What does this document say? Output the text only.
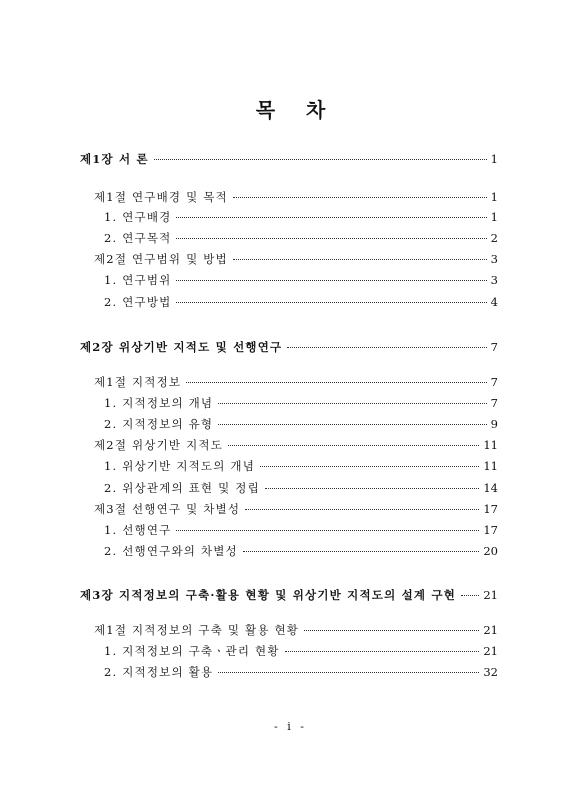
목 차
제1장 서 론	1
제1절 연구배경 및 목적	1
1. 연구배경	1
2. 연구목적	2
제2절 연구범위 및 방법	3
1. 연구범위	3
2. 연구방법	4
제2장 위상기반 지적도 및 선행연구	7
제1절 지적정보	7
1. 지적정보의 개념	7
2. 지적정보의 유형	9
제2절 위상기반 지적도	11
1. 위상기반 지적도의 개념	11
2. 위상관계의 표현 및 정립	14
제3절 선행연구 및 차별성	17
1. 선행연구	17
2. 선행연구와의 차별성	20
제3장 지적정보의 구축·활용 현황 및 위상기반 지적도의 설계 구현 21
제1절 지적정보의 구축 및 활용 현황	21
1. 지적정보의 구축ㆍ관리 현황	21
2. 지적정보의 활용	32
- i -
